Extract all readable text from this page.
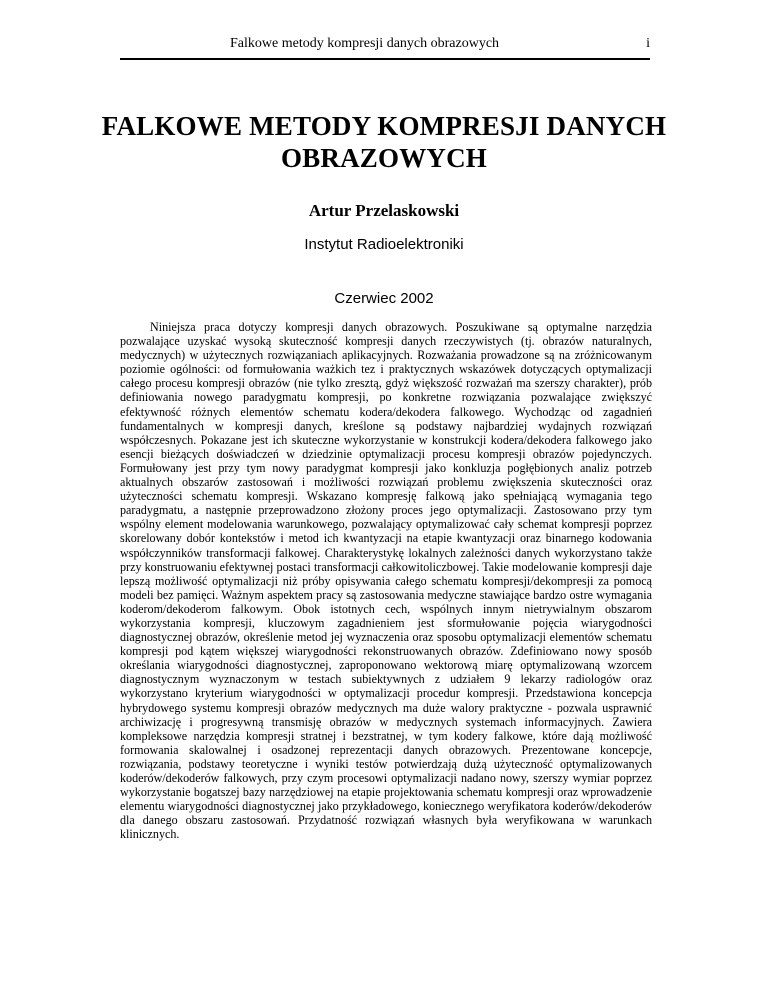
Falkowe metody kompresji danych obrazowych	i
FALKOWE METODY KOMPRESJI DANYCH OBRAZOWYCH
Artur Przelaskowski
Instytut Radioelektroniki
Czerwiec 2002

Niniejsza praca dotyczy kompresji danych obrazowych. Poszukiwane są optymalne narzędzia pozwalające uzyskać wysoką skuteczność kompresji danych rzeczywistych (tj. obrazów naturalnych, medycznych) w użytecznych rozwiązaniach aplikacyjnych. Rozważania prowadzone są na zróżnicowanym poziomie ogólności: od formułowania ważkich tez i praktycznych wskazówek dotyczących optymalizacji całego procesu kompresji obrazów (nie tylko zresztą, gdyż większość rozważań ma szerszy charakter), prób definiowania nowego paradygmatu kompresji, po konkretne rozwiązania pozwalające zwiększyć efektywność różnych elementów schematu kodera/dekodera falkowego. Wychodząc od zagadnień fundamentalnych w kompresji danych, kreślone są podstawy najbardziej wydajnych rozwiązań współczesnych. Pokazane jest ich skuteczne wykorzystanie w konstrukcji kodera/dekodera falkowego jako esencji bieżących doświadczeń w dziedzinie optymalizacji procesu kompresji obrazów pojedynczych. Formułowany jest przy tym nowy paradygmat kompresji jako konkluzja pogłębionych analiz potrzeb aktualnych obszarów zastosowań i możliwości rozwiązań problemu zwiększenia skuteczności oraz użyteczności schematu kompresji. Wskazano kompresję falkową jako spełniającą wymagania tego paradygmatu, a następnie przeprowadzono złożony proces jego optymalizacji. Zastosowano przy tym wspólny element modelowania warunkowego, pozwalający optymalizować cały schemat kompresji poprzez skorelowany dobór kontekstów i metod ich kwantyzacji na etapie kwantyzacji oraz binarnego kodowania współczynników transformacji falkowej. Charakterystykę lokalnych zależności danych wykorzystano także przy konstruowaniu efektywnej postaci transformacji całkowitoliczbowej. Takie modelowanie kompresji daje lepszą możliwość optymalizacji niż próby opisywania całego schematu kompresji/dekompresji za pomocą modeli bez pamięci. Ważnym aspektem pracy są zastosowania medyczne stawiające bardzo ostre wymagania koderom/dekoderom falkowym. Obok istotnych cech, wspólnych innym nietrywialnym obszarom wykorzystania kompresji, kluczowym zagadnieniem jest sformułowanie pojęcia wiarygodności diagnostycznej obrazów, określenie metod jej wyznaczenia oraz sposobu optymalizacji elementów schematu kompresji pod kątem większej wiarygodności rekonstruowanych obrazów. Zdefiniowano nowy sposób określania wiarygodności diagnostycznej, zaproponowano wektorową miarę optymalizowaną wzorcem diagnostycznym wyznaczonym w testach subiektywnych z udziałem 9 lekarzy radiologów oraz wykorzystano kryterium wiarygodności w optymalizacji procedur kompresji. Przedstawiona koncepcja hybrydowego systemu kompresji obrazów medycznych ma duże walory praktyczne - pozwala usprawnić archiwizację i progresywną transmisję obrazów w medycznych systemach informacyjnych. Zawiera kompleksowe narzędzia kompresji stratnej i bezstratnej, w tym kodery falkowe, które dają możliwość formowania skalowalnej i osadzonej reprezentacji danych obrazowych. Prezentowane koncepcje, rozwiązania, podstawy teoretyczne i wyniki testów potwierdzają dużą użyteczność optymalizowanych koderów/dekoderów falkowych, przy czym procesowi optymalizacji nadano nowy, szerszy wymiar poprzez wykorzystanie bogatszej bazy narzędziowej na etapie projektowania schematu kompresji oraz wprowadzenie elementu wiarygodności diagnostycznej jako przykładowego, koniecznego weryfikatora koderów/dekoderów dla danego obszaru zastosowań. Przydatność rozwiązań własnych była weryfikowana w warunkach klinicznych.
